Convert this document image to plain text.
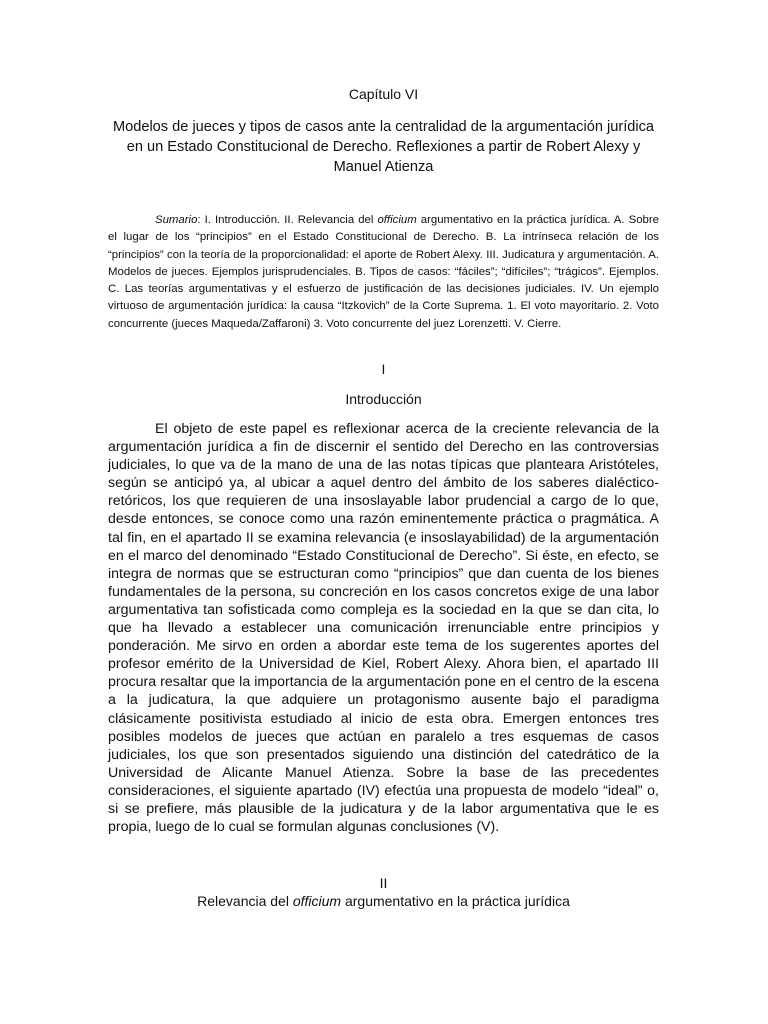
Capítulo VI
Modelos de jueces y tipos de casos ante la centralidad de la argumentación jurídica en un Estado Constitucional de Derecho. Reflexiones a partir de Robert Alexy y Manuel Atienza
Sumario: I. Introducción. II. Relevancia del officium argumentativo en la práctica jurídica. A. Sobre el lugar de los “principios” en el Estado Constitucional de Derecho. B. La intrínseca relación de los “principios” con la teoría de la proporcionalidad: el aporte de Robert Alexy. III. Judicatura y argumentación. A. Modelos de jueces. Ejemplos jurisprudenciales. B. Tipos de casos: “fáciles”; “difíciles”; “trágicos”. Ejemplos. C. Las teorías argumentativas y el esfuerzo de justificación de las decisiones judiciales. IV. Un ejemplo virtuoso de argumentación jurídica: la causa “Itzkovich” de la Corte Suprema. 1. El voto mayoritario. 2. Voto concurrente (jueces Maqueda/Zaffaroni) 3. Voto concurrente del juez Lorenzetti. V. Cierre.
I
Introducción
El objeto de este papel es reflexionar acerca de la creciente relevancia de la argumentación jurídica a fin de discernir el sentido del Derecho en las controversias judiciales, lo que va de la mano de una de las notas típicas que planteara Aristóteles, según se anticipó ya, al ubicar a aquel dentro del ámbito de los saberes dialéctico-retóricos, los que requieren de una insoslayable labor prudencial a cargo de lo que, desde entonces, se conoce como una razón eminentemente práctica o pragmática. A tal fin, en el apartado II se examina relevancia (e insoslayabilidad) de la argumentación en el marco del denominado “Estado Constitucional de Derecho”. Si éste, en efecto, se integra de normas que se estructuran como “principios” que dan cuenta de los bienes fundamentales de la persona, su concreción en los casos concretos exige de una labor argumentativa tan sofisticada como compleja es la sociedad en la que se dan cita, lo que ha llevado a establecer una comunicación irrenunciable entre principios y ponderación. Me sirvo en orden a abordar este tema de los sugerentes aportes del profesor emérito de la Universidad de Kiel, Robert Alexy. Ahora bien, el apartado III procura resaltar que la importancia de la argumentación pone en el centro de la escena a la judicatura, la que adquiere un protagonismo ausente bajo el paradigma clásicamente positivista estudiado al inicio de esta obra. Emergen entonces tres posibles modelos de jueces que actúan en paralelo a tres esquemas de casos judiciales, los que son presentados siguiendo una distinción del catedrático de la Universidad de Alicante Manuel Atienza. Sobre la base de las precedentes consideraciones, el siguiente apartado (IV) efectúa una propuesta de modelo “ideal” o, si se prefiere, más plausible de la judicatura y de la labor argumentativa que le es propia, luego de lo cual se formulan algunas conclusiones (V).
II
Relevancia del officium argumentativo en la práctica jurídica
